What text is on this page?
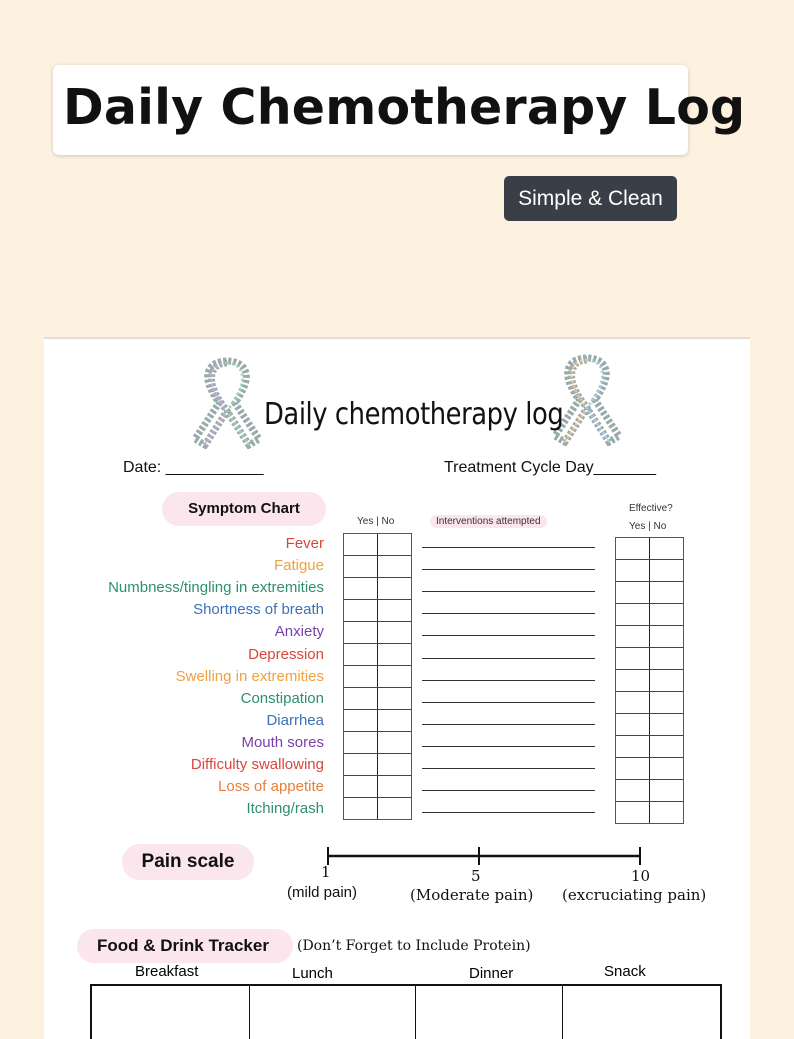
Daily Chemotherapy Log
Simple & Clean
Daily chemotherapy log
Date: ___________	Treatment Cycle Day_______
Symptom Chart
Yes | No	Interventions attempted
Effective?
Yes | No
Fever
Fatigue
Numbness/tingling in extremities
Shortness of breath
Anxiety
Depression
Swelling in extremities
Constipation
Diarrhea
Mouth sores
Difficulty swallowing
Loss of appetite
Itching/rash
Pain scale	1	5	10
(mild pain)	(Moderate pain) (excruciating pain)
Food & Drink Tracker	(Don’t Forget to Include Protein)
Breakfast	Lunch	Dinner	Snack
